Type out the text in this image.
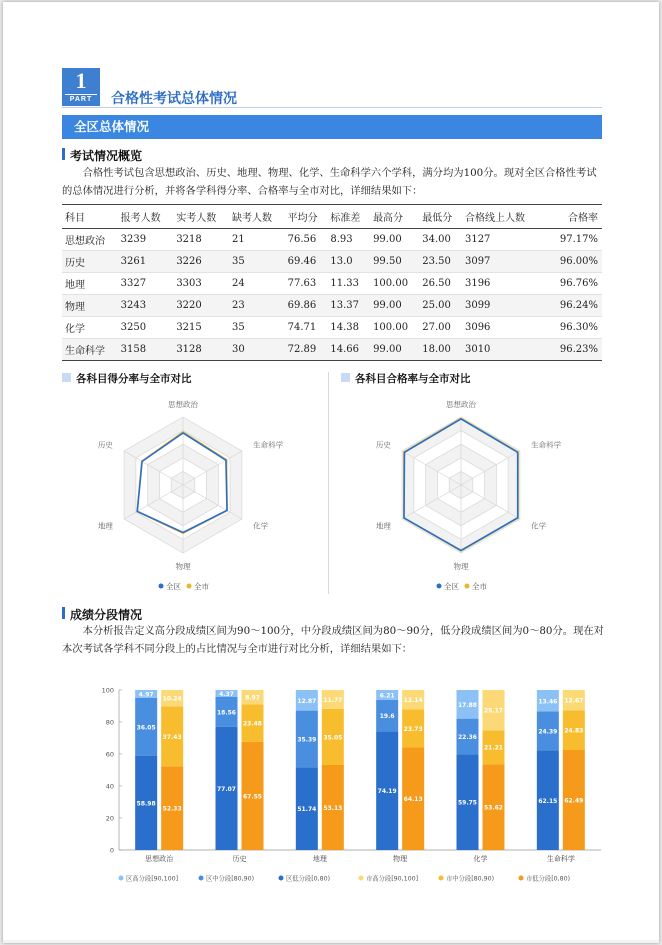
1
PART	合格性考试总体情况
全区总体情况
考试情况概览
合格性考试包含思想政治、历史、地理、物理、化学、生命科学六个学科，满分均为100分。现对全区合格性考试的总体情况进行分析，并将各学科得分率、合格率与全市对比，详细结果如下：
科目	报考人数	实考人数	缺考人数	平均分	标准差	最高分	最低分	合格线上人数	合格率
思想政治	3239	3218	21	76.56	8.93	99.00	34.00	3127	97.17%
历史	3261	3226	35	69.46	13.0	99.50	23.50	3097	96.00%
地理	3327	3303	24	77.63	11.33	100.00	26.50	3196	96.76%
物理	3243	3220	23	69.86	13.37	99.00	25.00	3099	96.24%
化学	3250	3215	35	74.71	14.38	100.00	27.00	3096	96.30%
生命科学	3158	3128	30	72.89	14.66	99.00	18.00	3010	96.23%
各科目得分率与全市对比	各科目合格率与全市对比
思想政治
生命科学
化学
物理
地理
历史
全区 全市
思想政治
生命科学
化学
物理
地理
历史
全区 全市
成绩分段情况
本分析报告定义高分段成绩区间为90～100分，中分段成绩区间为80～90分，低分段成绩区间为0～80分。现在对本次考试各学科不同分段上的占比情况与全市进行对比分析，详细结果如下：
0
20
40
60
80
100
58.98
36.05
4.97
52.33
37.43
10.24
思想政治
77.07
18.56
4.37
67.55
23.48
8.97
历史
51.74
35.39
12.87
53.13
35.05
11.77
地理
74.19
19.6
6.21
64.13
23.73
12.14
物理
59.75
22.36
17.88
53.62
21.21
25.17
化学
62.15
24.39
13.46
62.49
24.83
12.67
生命科学
区高分段[90,100]	区中分段[80,90)	区低分段[0,80)	市高分段[90,100]	市中分段[80,90)	市低分段[0,80)
